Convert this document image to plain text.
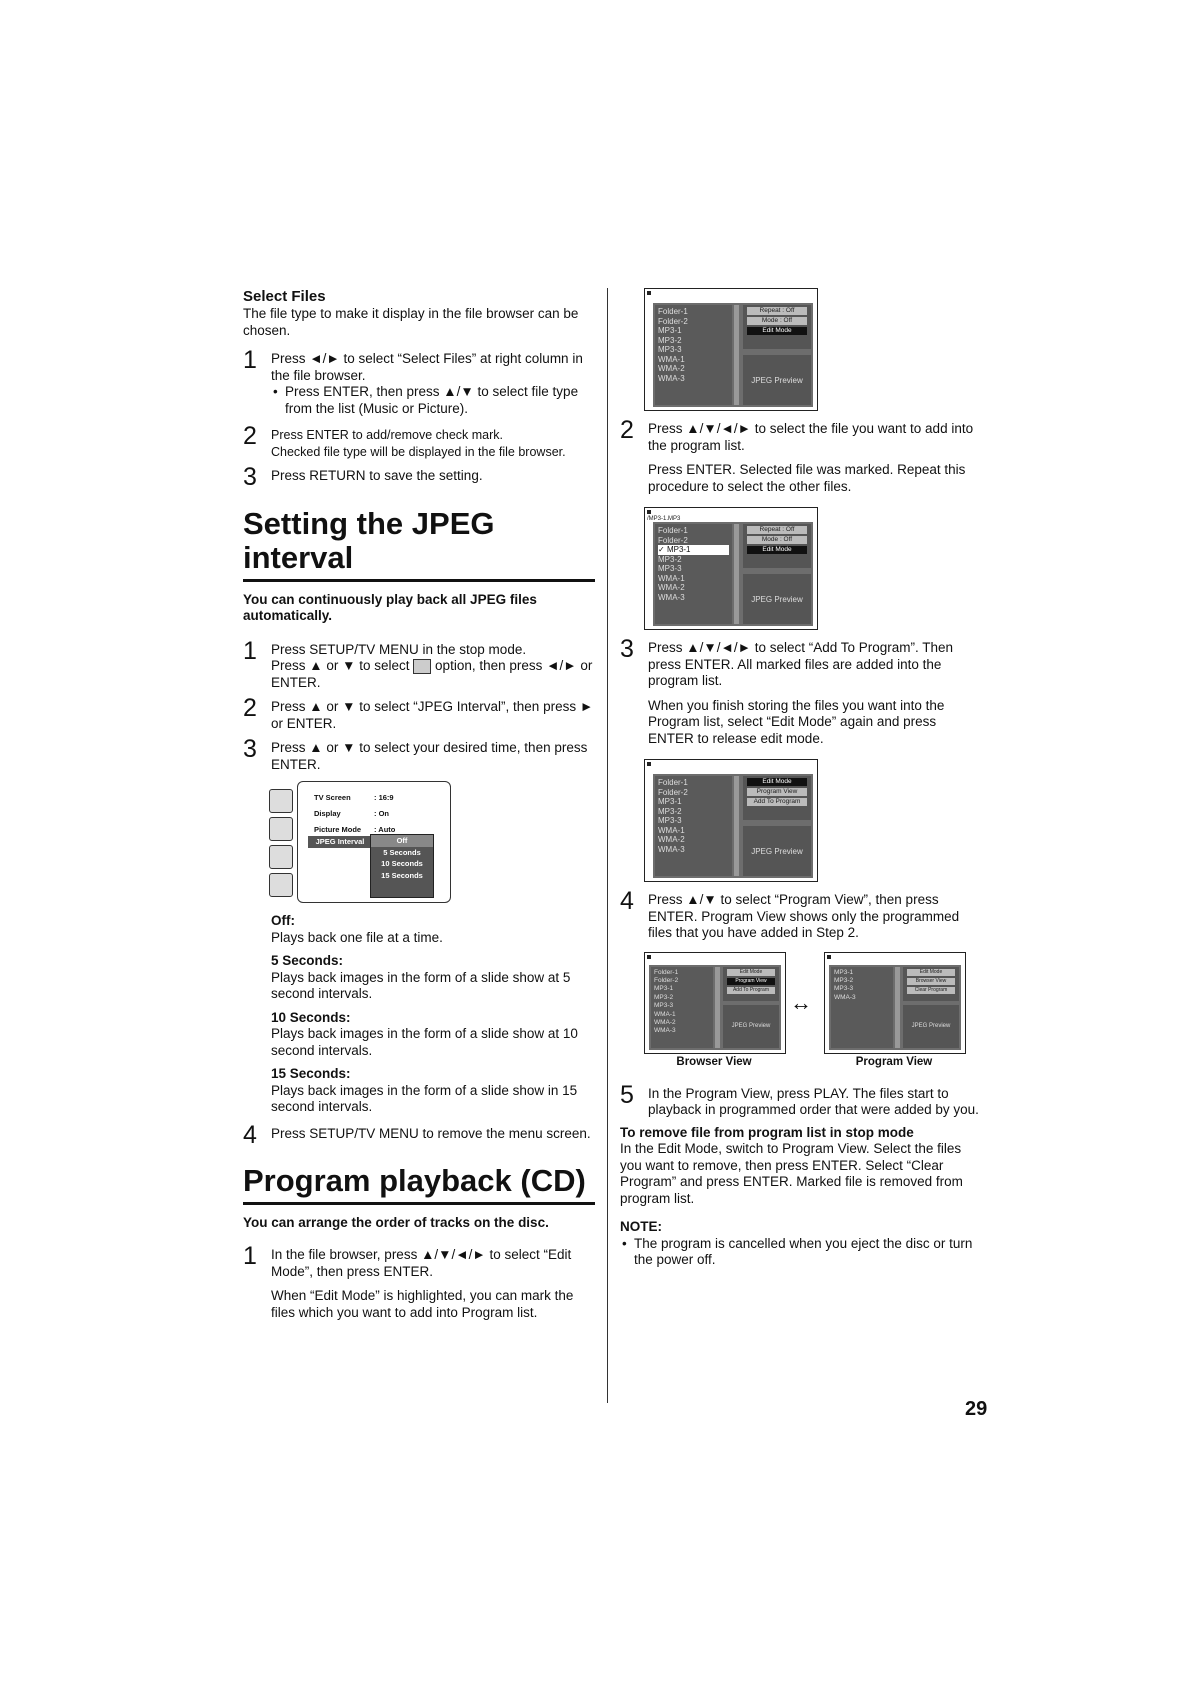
Select Files

The file type to make it display in the file browser can be chosen.

1 Press ◄/► to select “Select Files” at right column in the file browser.

• Press ENTER, then press ▲/▼ to select file type from the list (Music or Picture).

2 Press ENTER to add/remove check mark.

Checked file type will be displayed in the file browser.

3 Press RETURN to save the setting.

Setting the JPEG interval

You can continuously play back all JPEG files automatically.

1 Press SETUP/TV MENU in the stop mode.

Press ▲ or ▼ to select option, then press ◄/► or ENTER.

2 Press ▲ or ▼ to select “JPEG Interval”, then press ► or ENTER.

3 Press ▲ or ▼ to select your desired time, then press ENTER.

TV Screen	: 16:9
Display	: On
Picture Mode : Auto
JPEG Interval	Off
5 Seconds
10 Seconds
15 Seconds

Off:

Plays back one file at a time.

5 Seconds:

Plays back images in the form of a slide show at 5 second intervals.

10 Seconds:

Plays back images in the form of a slide show at 10 second intervals.

15 Seconds:

Plays back images in the form of a slide show in 15 second intervals.

4 Press SETUP/TV MENU to remove the menu screen.

Program playback (CD)

You can arrange the order of tracks on the disc.

1 In the file browser, press ▲/▼/◄/► to select “Edit Mode”, then press ENTER.

When “Edit Mode” is highlighted, you can mark the files which you want to add into Program list.

Folder-1
Folder-2
MP3-1
MP3-2
MP3-3
WMA-1
WMA-2
WMA-3
Repeat : Off
Mode : Off
Edit Mode
JPEG Preview
2 Press ▲/▼/◄/► to select the file you want to add into the program list.

Press ENTER. Selected file was marked. Repeat this procedure to select the other files.

/MP3-1.MP3
Folder-1
Folder-2
✓ MP3-1
MP3-2
MP3-3
WMA-1
WMA-2
WMA-3
Repeat : Off
Mode : Off
Edit Mode
JPEG Preview
3 Press ▲/▼/◄/► to select “Add To Program”. Then press ENTER. All marked files are added into the program list.

When you finish storing the files you want into the Program list, select “Edit Mode” again and press ENTER to release edit mode.

Folder-1
Folder-2
MP3-1
MP3-2
MP3-3
WMA-1
WMA-2
WMA-3
Edit Mode
Program View
Add To Program
JPEG Preview
4 Press ▲/▼ to select “Program View”, then press ENTER. Program View shows only the programmed files that you have added in Step 2.

Folder-1
Folder-2
MP3-1
MP3-2
MP3-3
WMA-1
WMA-2
WMA-3
Edit Mode
Program View
Add To Program
JPEG Preview
↔
MP3-1
MP3-2
MP3-3
WMA-3
Edit Mode
Browser View
Clear Program
JPEG Preview
Browser View	Program View
5 In the Program View, press PLAY. The files start to playback in programmed order that were added by you.

To remove file from program list in stop mode

In the Edit Mode, switch to Program View. Select the files you want to remove, then press ENTER. Select “Clear Program” and press ENTER. Marked file is removed from program list.

NOTE:

• The program is cancelled when you eject the disc or turn the power off.

29
